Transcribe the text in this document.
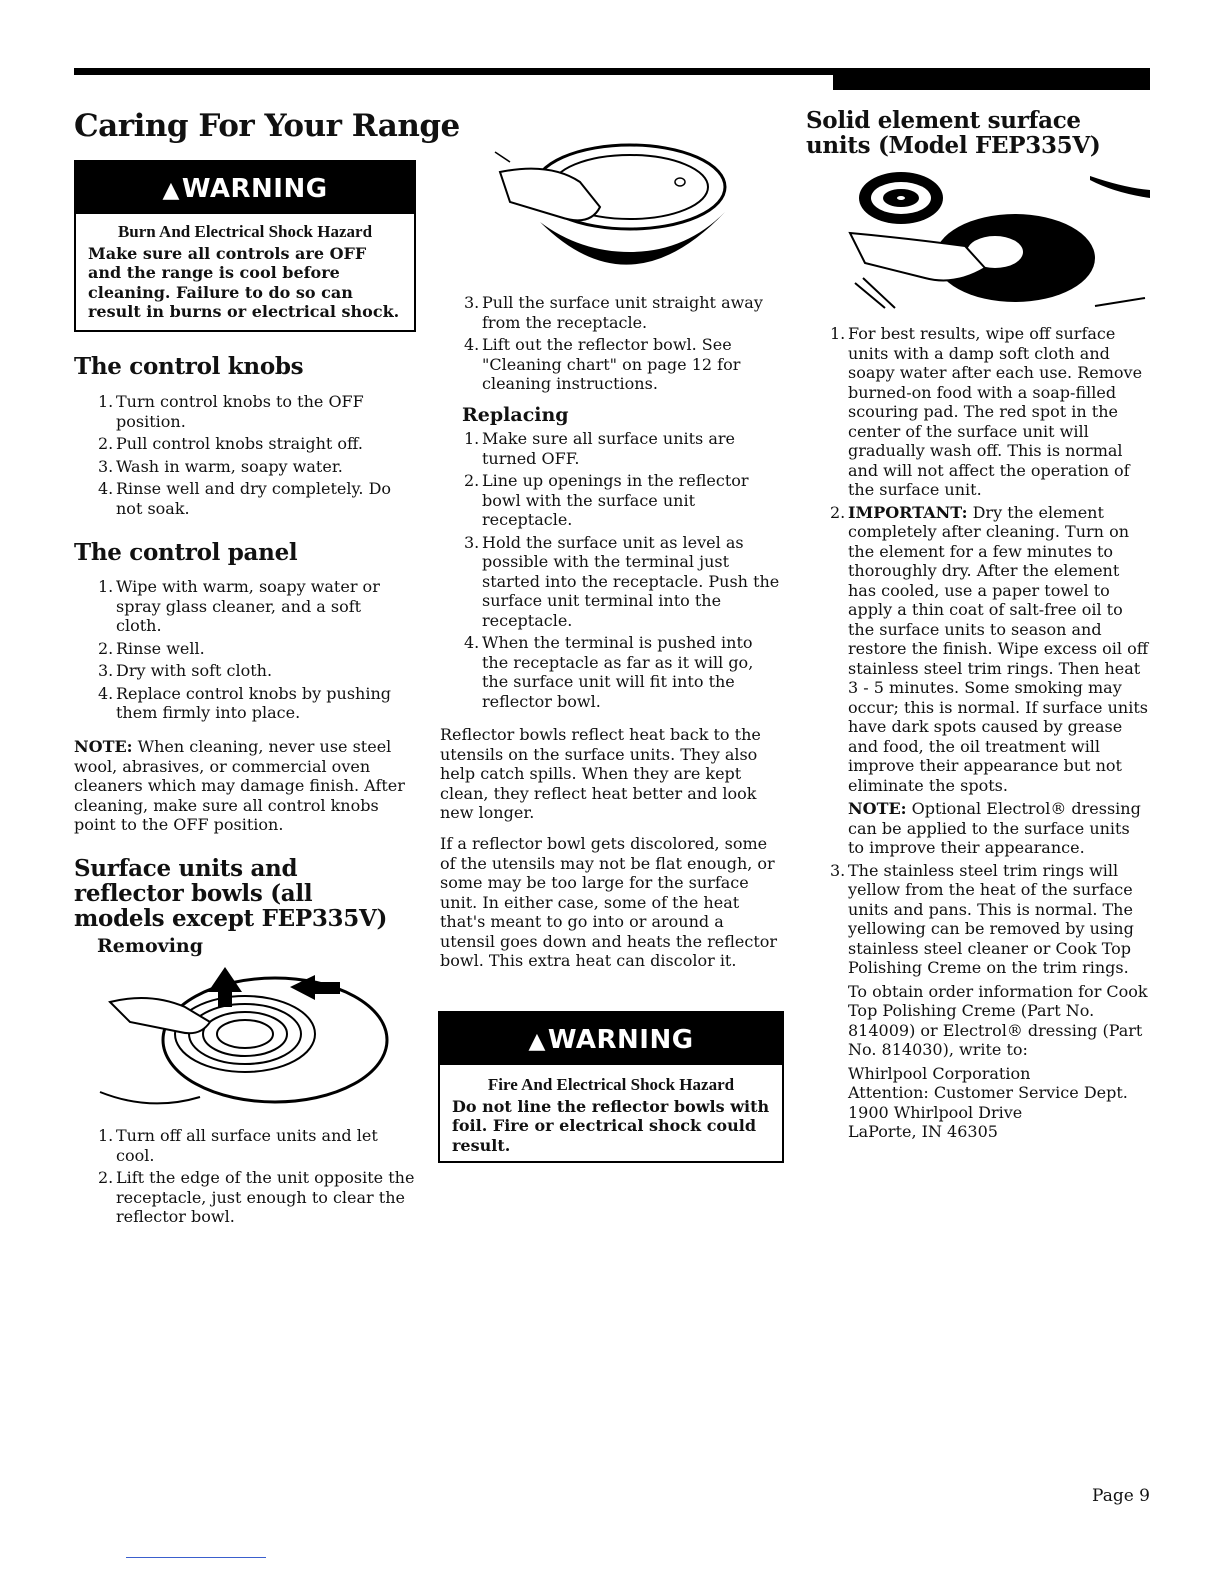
Caring For Your Range
▲WARNING
Burn And Electrical Shock Hazard
Make sure all controls are OFF and the range is cool before cleaning. Failure to do so can result in burns or electrical shock.
The control knobs
1. Turn control knobs to the OFF position.
2. Pull control knobs straight off.
3. Wash in warm, soapy water.
4. Rinse well and dry completely. Do not soak.
The control panel
1. Wipe with warm, soapy water or spray glass cleaner, and a soft cloth.
2. Rinse well.
3. Dry with soft cloth.
4. Replace control knobs by pushing them firmly into place.

NOTE: When cleaning, never use steel wool, abrasives, or commercial oven cleaners which may damage finish. After cleaning, make sure all control knobs point to the OFF position.

Surface units and reflector bowls (all models except FEP335V)
Removing
1. Turn off all surface units and let cool.
2. Lift the edge of the unit opposite the receptacle, just enough to clear the reflector bowl.
3. Pull the surface unit straight away from the receptacle.
4. Lift out the reflector bowl. See "Cleaning chart" on page 12 for cleaning instructions.
Replacing
1. Make sure all surface units are turned OFF.
2. Line up openings in the reflector bowl with the surface unit receptacle.
3. Hold the surface unit as level as possible with the terminal just started into the receptacle. Push the surface unit terminal into the receptacle.
4. When the terminal is pushed into the receptacle as far as it will go, the surface unit will fit into the reflector bowl.

Reflector bowls reflect heat back to the utensils on the surface units. They also help catch spills. When they are kept clean, they reflect heat better and look new longer.

If a reflector bowl gets discolored, some of the utensils may not be flat enough, or some may be too large for the surface unit. In either case, some of the heat that's meant to go into or around a utensil goes down and heats the reflector bowl. This extra heat can discolor it.

▲WARNING
Fire And Electrical Shock Hazard
Do not line the reflector bowls with foil. Fire or electrical shock could result.
Solid element surface units (Model FEP335V)
1. For best results, wipe off surface units with a damp soft cloth and soapy water after each use. Remove burned-on food with a soap-filled scouring pad. The red spot in the center of the surface unit will gradually wash off. This is normal and will not affect the operation of the surface unit.
2. IMPORTANT: Dry the element completely after cleaning. Turn on the element for a few minutes to thoroughly dry. After the element has cooled, use a paper towel to apply a thin coat of salt-free oil to the surface units to season and restore the finish. Wipe excess oil off stainless steel trim rings. Then heat 3 - 5 minutes. Some smoking may occur; this is normal. If surface units have dark spots caused by grease and food, the oil treatment will improve their appearance but not eliminate the spots.
NOTE: Optional Electrol® dressing can be applied to the surface units to improve their appearance.
3. The stainless steel trim rings will yellow from the heat of the surface units and pans. This is normal. The yellowing can be removed by using stainless steel cleaner or Cook Top Polishing Creme on the trim rings.
To obtain order information for Cook Top Polishing Creme (Part No. 814009) or Electrol® dressing (Part No. 814030), write to:
Whirlpool Corporation
Attention: Customer Service Dept.
1900 Whirlpool Drive
LaPorte, IN 46305
Page 9
